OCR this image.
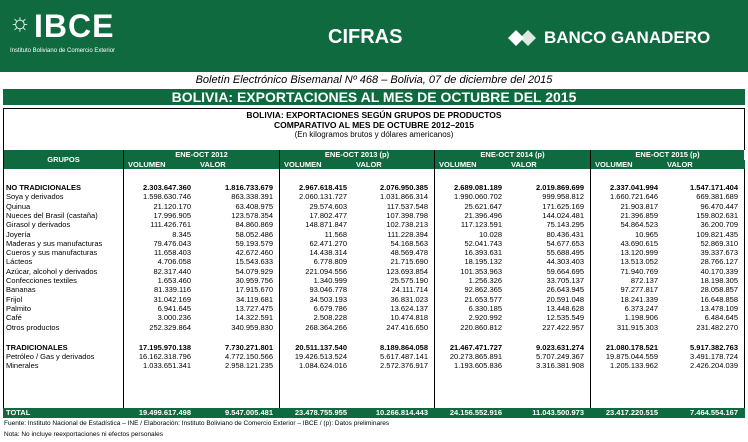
☼ IBCE
Instituto Boliviano de Comercio Exterior
CIFRAS	BANCO GANADERO
Boletín Electrónico Bisemanal Nº 468 – Bolivia, 07 de diciembre del 2015
BOLIVIA: EXPORTACIONES AL MES DE OCTUBRE DEL 2015
BOLIVIA: EXPORTACIONES SEGÚN GRUPOS DE PRODUCTOS
COMPARATIVO AL MES DE OCTUBRE 2012–2015
(En kilogramos brutos y dólares americanos)
GRUPOS
TOTAL	19.499.617.498	9.547.005.481	23.478.755.955	10.266.814.443	24.156.552.916	11.043.500.973	23.417.220.515	7.464.554.167
Fuente: Instituto Nacional de Estadística – INE / Elaboración: Instituto Boliviano de Comercio Exterior – IBCE / (p): Datos preliminares
Nota: No incluye reexportaciones ni efectos personales
ENE-OCT 2012
VOLUMEN	VALOR
ENE-OCT 2013 (p)
VOLUMEN	VALOR
ENE-OCT 2014 (p)
VOLUMEN	VALOR
ENE-OCT 2015 (p)
VOLUMEN	VALOR
NO TRADICIONALES	2.303.647.360	1.816.733.679	2.967.618.415	2.076.950.385	2.689.081.189	2.019.869.699	2.337.041.994	1.547.171.404
Soya y derivados	1.598.630.746	863.338.391	2.060.131.727	1.031.866.314	1.990.060.702	999.958.812	1.660.721.646	669.381.689
Quinua	21.120.170	63.408.975	29.574.603	117.537.548	25.621.647	171.625.169	21.903.817	96.470.447
Nueces del Brasil (castaña)	17.996.905	123.578.354	17.802.477	107.398.798	21.396.496	144.024.481	21.396.859	159.802.631
Girasol y derivados	111.426.761	84.860.869	148.871.847	102.738.213	117.123.591	75.143.295	54.864.523	36.200.709
Joyería	8.345	58.052.486	11.568	111.228.394	10.028	80.436.431	10.965	109.821.435
Maderas y sus manufacturas	79.476.043	59.193.579	62.471.270	54.168.563	52.041.743	54.677.653	43.690.615	52.869.310
Cueros y sus manufacturas	11.658.403	42.672.460	14.438.314	48.569.478	16.393.631	55.688.495	13.120.999	39.337.673
Lácteos	4.706.058	15.543.633	6.778.809	21.715.690	18.195.132	44.303.403	13.513.052	28.766.127
Azúcar, alcohol y derivados	82.317.440	54.079.929	221.094.556	123.693.854	101.353.963	59.664.695	71.940.769	40.170.339
Confecciones textiles	1.653.460	30.959.756	1.340.999	25.575.190	1.256.326	33.705.137	872.137	18.198.305
Bananas	81.339.116	17.915.670	93.046.778	24.111.714	92.862.365	26.643.945	97.277.817	28.058.857
Frijol	31.042.169	34.119.681	34.503.193	36.831.023	21.653.577	20.591.048	18.241.339	16.648.858
Palmito	6.941.645	13.727.475	6.679.786	13.624.137	6.330.185	13.448.628	6.373.247	13.478.109
Café	3.000.236	14.322.591	2.508.228	10.474.818	2.920.992	12.535.549	1.198.906	6.484.645
Otros productos	252.329.864	340.959.830	268.364.266	247.416.650	220.860.812	227.422.957	311.915.303	231.482.270
TRADICIONALES	17.195.970.138	7.730.271.801	20.511.137.540	8.189.864.058	21.467.471.727	9.023.631.274	21.080.178.521	5.917.382.763
Petróleo / Gas y derivados	16.162.318.796	4.772.150.566	19.426.513.524	5.617.487.141	20.273.865.891	5.707.249.367	19.875.044.559	3.491.178.724
Minerales	1.033.651.341	2.958.121.235	1.084.624.016	2.572.376.917	1.193.605.836	3.316.381.908	1.205.133.962	2.426.204.039
